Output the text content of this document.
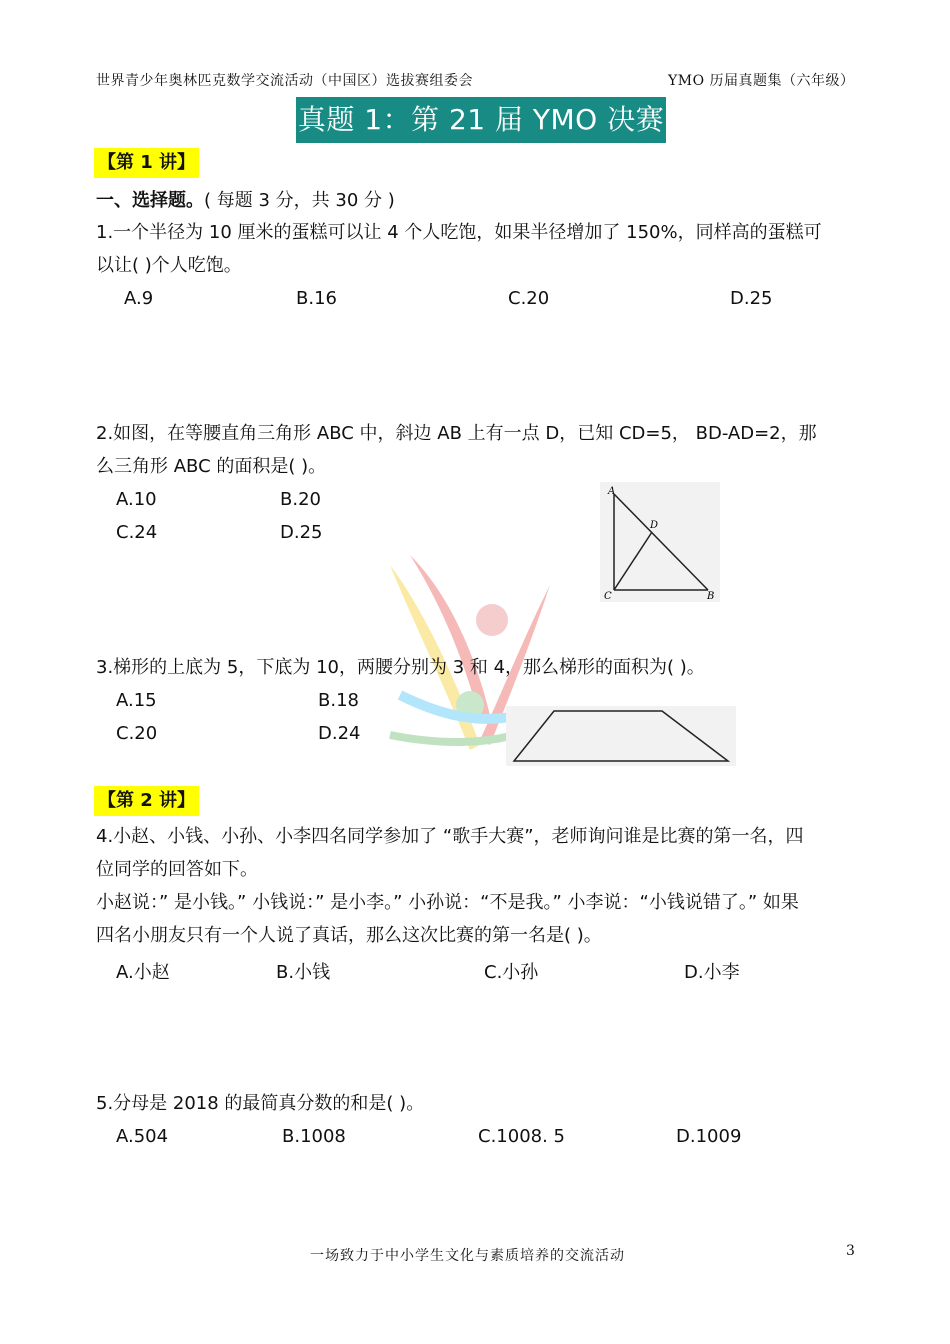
世界青少年奥林匹克数学交流活动（中国区）选拔赛组委会	YMO 历届真题集（六年级）
真题 1：第 21 届 YMO 决赛
【第 1 讲】
一、选择题。( 每题 3 分，共 30 分 )
1.一个半径为 10 厘米的蛋糕可以让 4 个人吃饱，如果半径增加了 150%，同样高的蛋糕可
以让( )个人吃饱。
A.9	B.16	C.20	D.25
2.如图，在等腰直角三角形 ABC 中，斜边 AB 上有一点 D，已知 CD=5， BD-AD=2，那
么三角形 ABC 的面积是( )。
A.10	B.20
C.24	D.25
A
D
C	B
3.梯形的上底为 5，下底为 10，两腰分别为 3 和 4，那么梯形的面积为( )。
A.15	B.18
C.20	D.24
【第 2 讲】
4.小赵、小钱、小孙、小李四名同学参加了 “歌手大赛”，老师询问谁是比赛的第一名，四
位同学的回答如下。
小赵说：” 是小钱。” 小钱说：” 是小李。” 小孙说：“不是我。” 小李说：“小钱说错了。” 如果
四名小朋友只有一个人说了真话，那么这次比赛的第一名是( )。
A.小赵	B.小钱	C.小孙	D.小李
5.分母是 2018 的最简真分数的和是( )。
A.504	B.1008	C.1008. 5	D.1009
一场致力于中小学生文化与素质培养的交流活动	3
